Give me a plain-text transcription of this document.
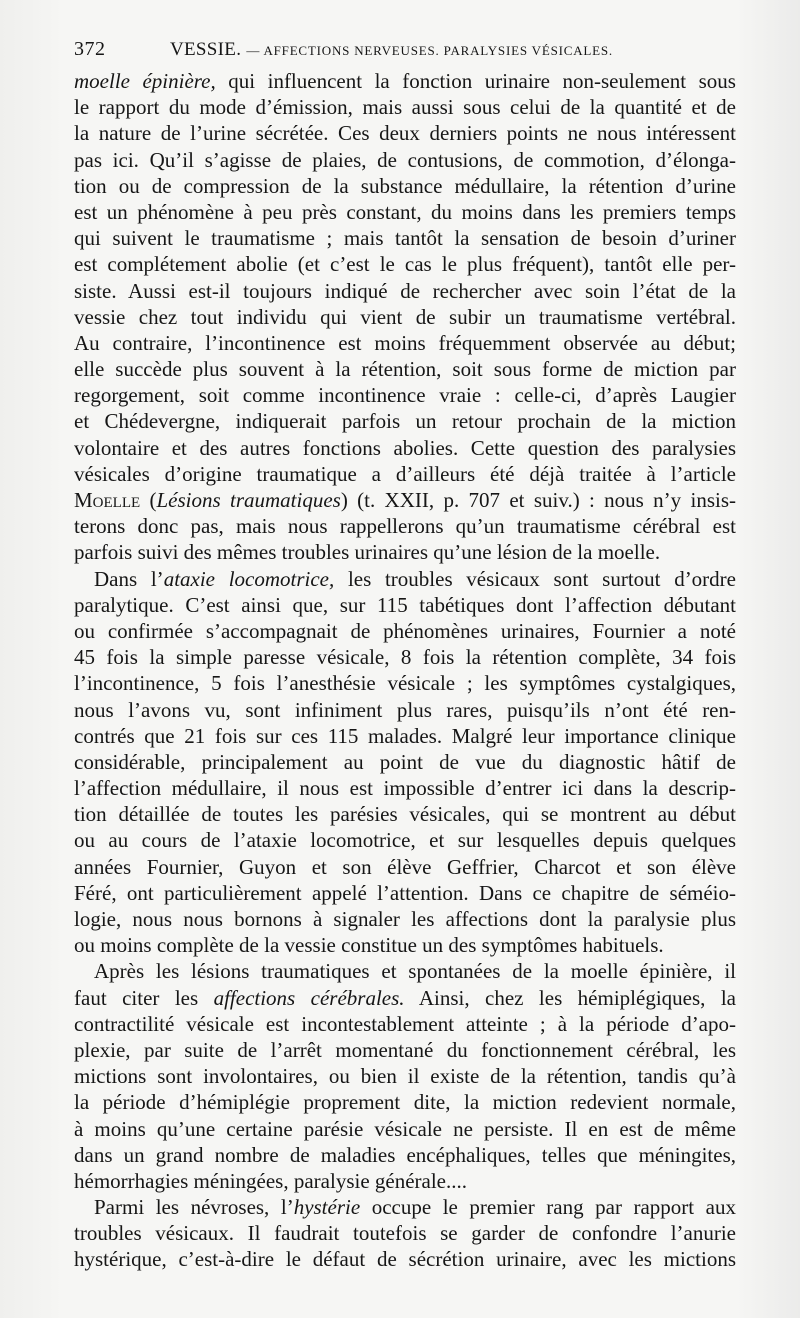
372	VESSIE. — AFFECTIONS NERVEUSES. PARALYSIES VÉSICALES.
moelle épinière, qui influencent la fonction urinaire non-seulement sous
le rapport du mode d’émission, mais aussi sous celui de la quantité et de
la nature de l’urine sécrétée. Ces deux derniers points ne nous intéressent
pas ici. Qu’il s’agisse de plaies, de contusions, de commotion, d’élonga-
tion ou de compression de la substance médullaire, la rétention d’urine
est un phénomène à peu près constant, du moins dans les premiers temps
qui suivent le traumatisme ; mais tantôt la sensation de besoin d’uriner
est complétement abolie (et c’est le cas le plus fréquent), tantôt elle per-
siste. Aussi est-il toujours indiqué de rechercher avec soin l’état de la
vessie chez tout individu qui vient de subir un traumatisme vertébral.
Au contraire, l’incontinence est moins fréquemment observée au début;
elle succède plus souvent à la rétention, soit sous forme de miction par
regorgement, soit comme incontinence vraie : celle-ci, d’après Laugier
et Chédevergne, indiquerait parfois un retour prochain de la miction
volontaire et des autres fonctions abolies. Cette question des paralysies
vésicales d’origine traumatique a d’ailleurs été déjà traitée à l’article
Moelle (Lésions traumatiques) (t. XXII, p. 707 et suiv.) : nous n’y insis-
terons donc pas, mais nous rappellerons qu’un traumatisme cérébral est
parfois suivi des mêmes troubles urinaires qu’une lésion de la moelle.
Dans l’ataxie locomotrice, les troubles vésicaux sont surtout d’ordre
paralytique. C’est ainsi que, sur 115 tabétiques dont l’affection débutant
ou confirmée s’accompagnait de phénomènes urinaires, Fournier a noté
45 fois la simple paresse vésicale, 8 fois la rétention complète, 34 fois
l’incontinence, 5 fois l’anesthésie vésicale ; les symptômes cystalgiques,
nous l’avons vu, sont infiniment plus rares, puisqu’ils n’ont été ren-
contrés que 21 fois sur ces 115 malades. Malgré leur importance clinique
considérable, principalement au point de vue du diagnostic hâtif de
l’affection médullaire, il nous est impossible d’entrer ici dans la descrip-
tion détaillée de toutes les parésies vésicales, qui se montrent au début
ou au cours de l’ataxie locomotrice, et sur lesquelles depuis quelques
années Fournier, Guyon et son élève Geffrier, Charcot et son élève
Féré, ont particulièrement appelé l’attention. Dans ce chapitre de séméio-
logie, nous nous bornons à signaler les affections dont la paralysie plus
ou moins complète de la vessie constitue un des symptômes habituels.
Après les lésions traumatiques et spontanées de la moelle épinière, il
faut citer les affections cérébrales. Ainsi, chez les hémiplégiques, la
contractilité vésicale est incontestablement atteinte ; à la période d’apo-
plexie, par suite de l’arrêt momentané du fonctionnement cérébral, les
mictions sont involontaires, ou bien il existe de la rétention, tandis qu’à
la période d’hémiplégie proprement dite, la miction redevient normale,
à moins qu’une certaine parésie vésicale ne persiste. Il en est de même
dans un grand nombre de maladies encéphaliques, telles que méningites,
hémorrhagies méningées, paralysie générale....
Parmi les névroses, l’hystérie occupe le premier rang par rapport aux
troubles vésicaux. Il faudrait toutefois se garder de confondre l’anurie
hystérique, c’est-à-dire le défaut de sécrétion urinaire, avec les mictions
